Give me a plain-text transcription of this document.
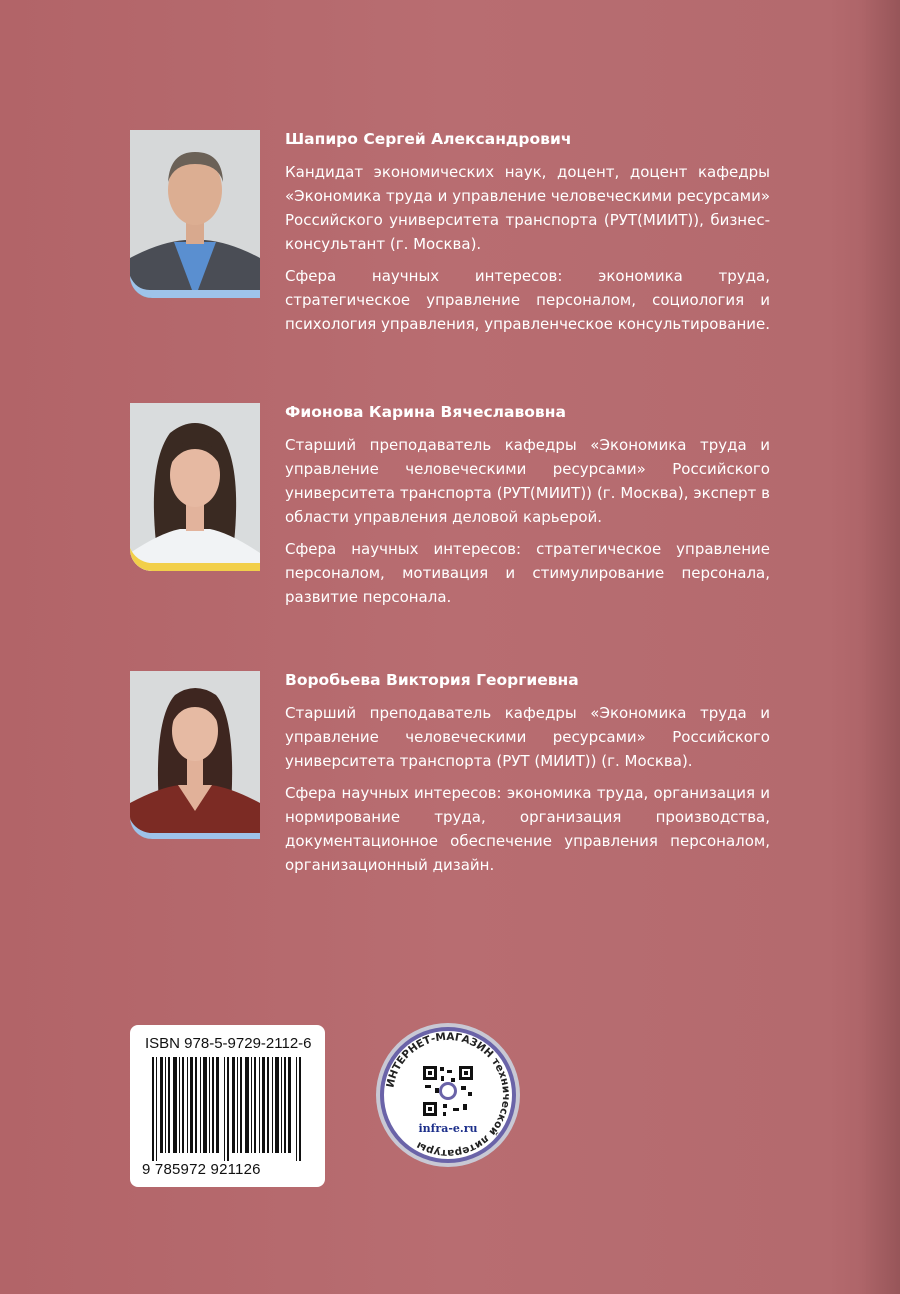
Шапиро Сергей Александрович

Кандидат экономических наук, доцент, доцент кафедры «Экономика труда и управление человеческими ресурсами» Российского университета транспорта (РУТ(МИИТ)), бизнес-консультант (г. Москва).

Сфера научных интересов: экономика труда, стратегическое управление персоналом, социология и психология управления, управленческое консультирование.

Фионова Карина Вячеславовна

Старший преподаватель кафедры «Экономика труда и управление человеческими ресурсами» Российского университета транспорта (РУТ(МИИТ)) (г. Москва), эксперт в области управления деловой карьерой.

Сфера научных интересов: стратегическое управление персоналом, мотивация и стимулирование персонала, развитие персонала.

Воробьева Виктория Георгиевна

Старший преподаватель кафедры «Экономика труда и управление человеческими ресурсами» Российского университета транспорта (РУТ (МИИТ)) (г. Москва).

Сфера научных интересов: экономика труда, организация и нормирование труда, организация производства, документационное обеспечение управления персоналом, организационный дизайн.

ISBN 978-5-9729-2112-6
9 785972 921126
ИНТЕРНЕТ-МАГАЗИН технической литературы
infra-e.ru
